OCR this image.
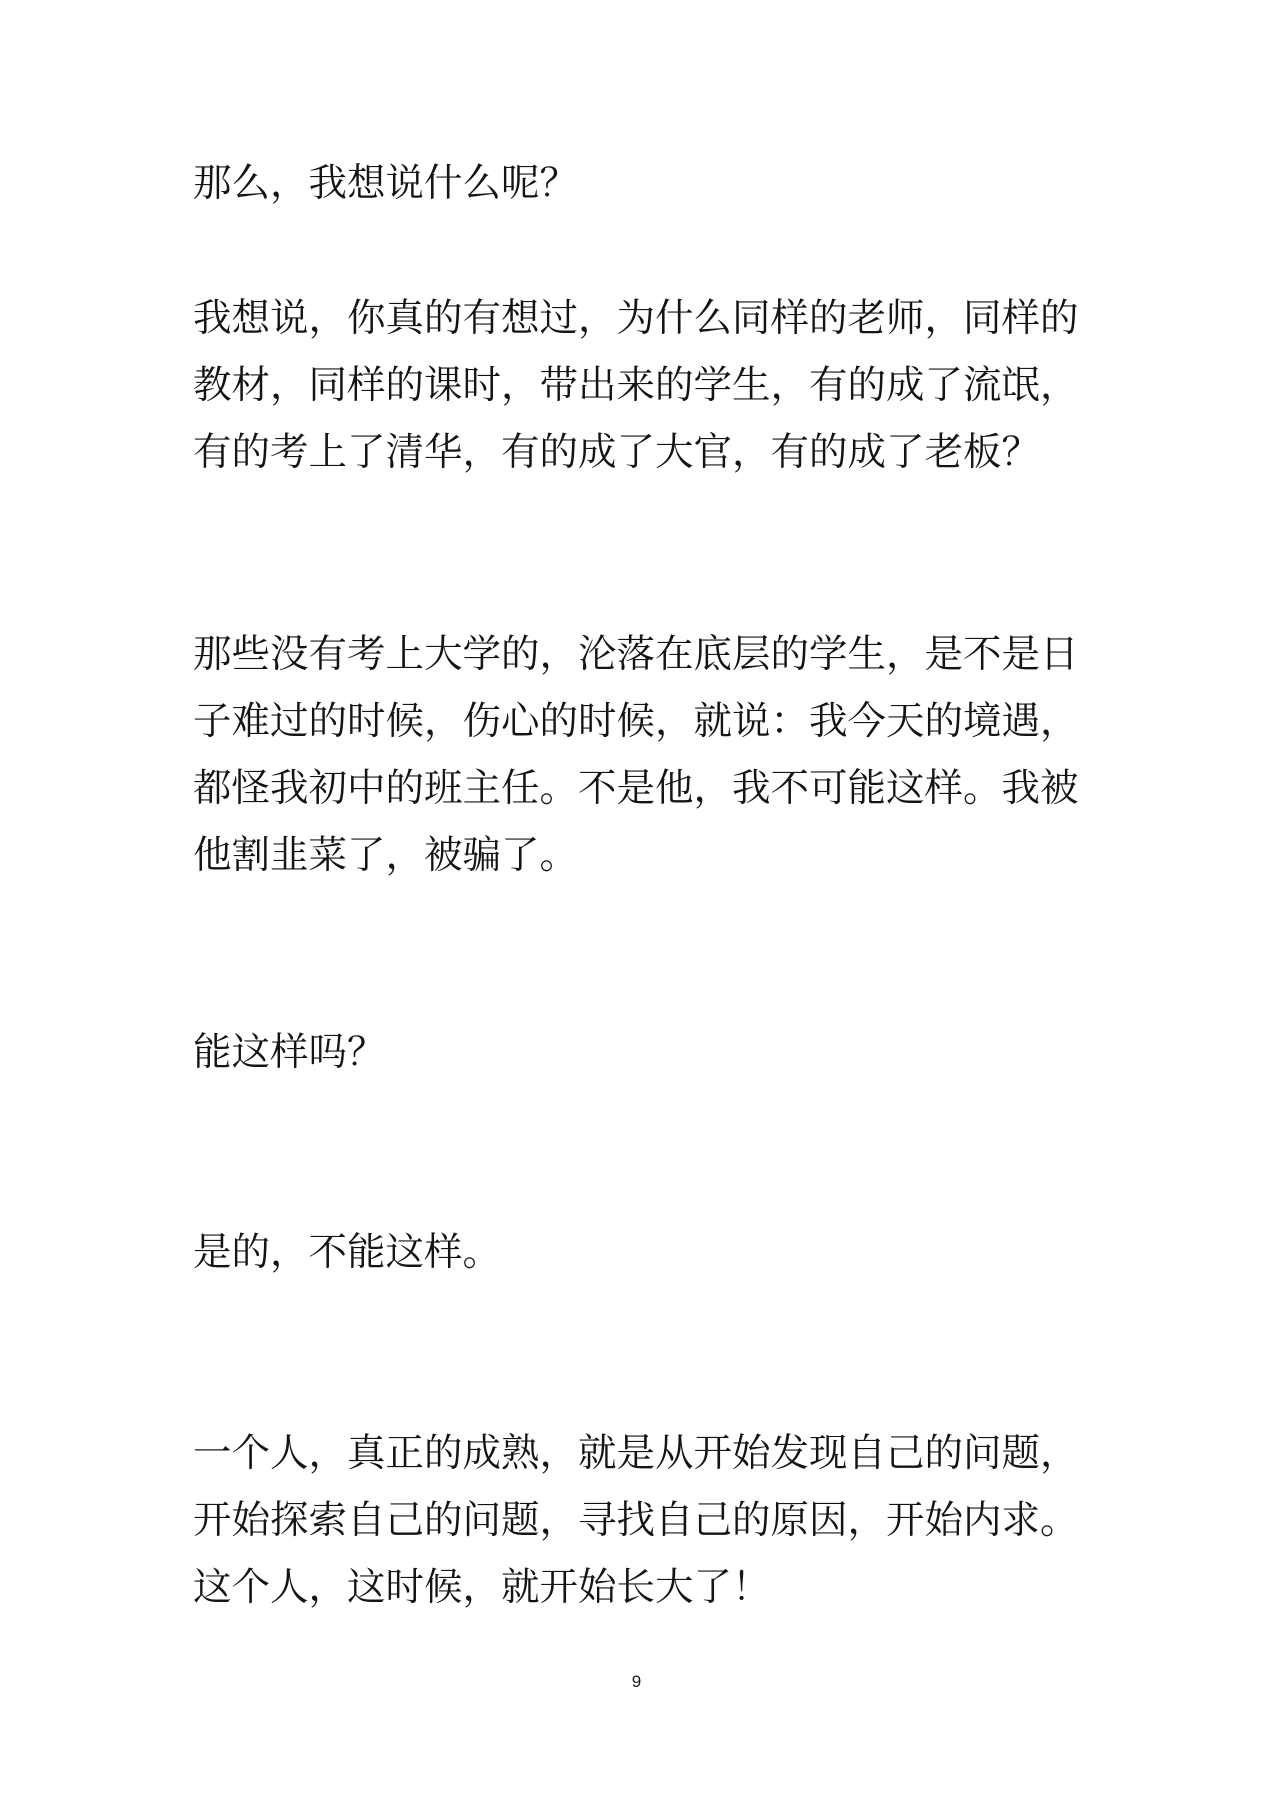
那么，我想说什么呢？
我想说，你真的有想过，为什么同样的老师，同样的
教材，同样的课时，带出来的学生，有的成了流氓，
有的考上了清华，有的成了大官，有的成了老板？
那些没有考上大学的，沦落在底层的学生，是不是日
子难过的时候，伤心的时候，就说：我今天的境遇，
都怪我初中的班主任。不是他，我不可能这样。我被
他割韭菜了，被骗了。
能这样吗？
是的，不能这样。
一个人，真正的成熟，就是从开始发现自己的问题，
开始探索自己的问题，寻找自己的原因，开始内求。
这个人，这时候，就开始长大了！
9
